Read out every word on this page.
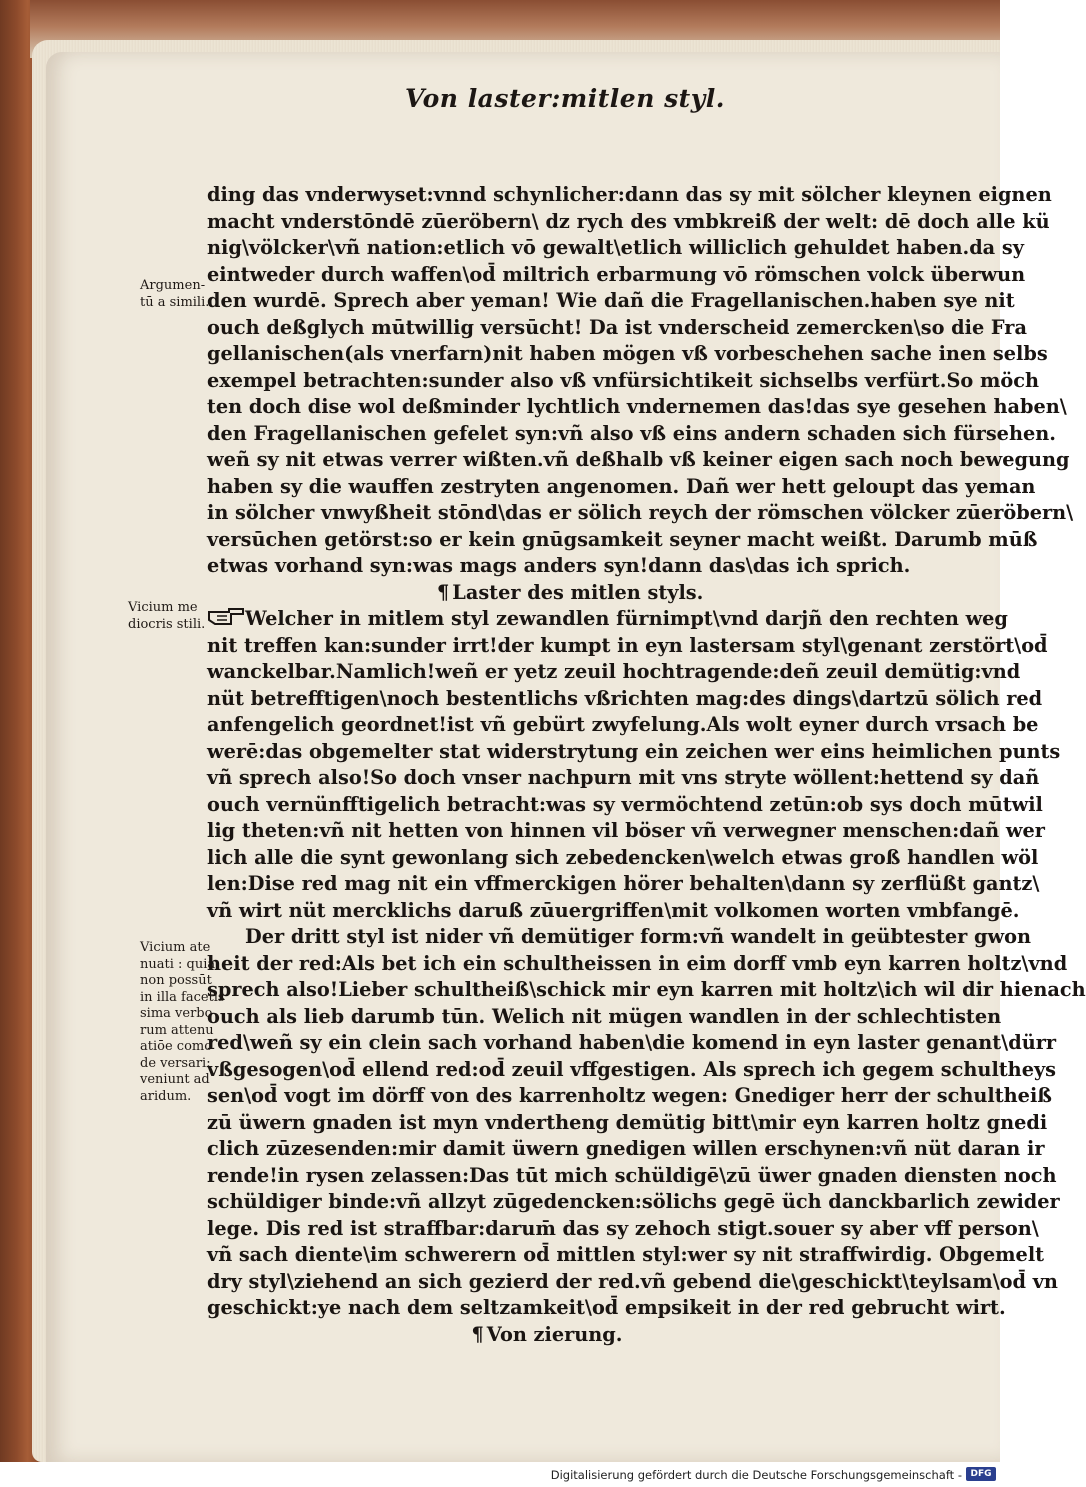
Von laster:mitlen styl.
Argumen-
tū a simili.
Vicium me
diocris stili.
Vicium ate
nuati : quia
non possūt
in illa facetis
sima verbo
rum attenu
atiōe como
de versari:
veniunt ad
aridum.
ding das vnderwyset:vnnd schynlicher:dann das sy mit sölcher kleynen eignen
macht vnderstōndē zūeröbern\ dz rych des vmbkreiß der welt: dē doch alle kü
nig\völcker\vñ nation:etlich vō gewalt\etlich williclich gehuldet haben.da sy
eintweder durch waffen\od̄ miltrich erbarmung vō römschen volck überwun
den wurdē. Sprech aber yeman! Wie dañ die Fragellanischen.haben sye nit
ouch deßglych mūtwillig versūcht! Da ist vnderscheid zemercken\so die Fra
gellanischen(als vnerfarn)nit haben mögen vß vorbeschehen sache inen selbs
exempel betrachten:sunder also vß vnfürsichtikeit sichselbs verfürt.So möch
ten doch dise wol deßminder lychtlich vndernemen das!das sye gesehen haben\
den Fragellanischen gefelet syn:vñ also vß eins andern schaden sich fürsehen.
weñ sy nit etwas verrer wißten.vñ deßhalb vß keiner eigen sach noch bewegung
haben sy die wauffen zestryten angenomen. Dañ wer hett geloupt das yeman
in sölcher vnwyßheit stōnd\das er sölich reych der römschen völcker zūeröbern\
versūchen getörst:so er kein gnūgsamkeit seyner macht weißt. Darumb mūß
etwas vorhand syn:was mags anders syn!dann das\das ich sprich.
¶ Laster des mitlen styls.
Welcher in mitlem styl zewandlen fürnimpt\vnd darjñ den rechten weg
nit treffen kan:sunder irrt!der kumpt in eyn lastersam styl\genant zerstört\od̄
wanckelbar.Namlich!weñ er yetz zeuil hochtragende:deñ zeuil demütig:vnd
nüt betrefftigen\noch bestentlichs vßrichten mag:des dings\dartzū sölich red
anfengelich geordnet!ist vñ gebürt zwyfelung.Als wolt eyner durch vrsach be
werē:das obgemelter stat widerstrytung ein zeichen wer eins heimlichen punts
vñ sprech also!So doch vnser nachpurn mit vns stryte wöllent:hettend sy dañ
ouch vernünfftigelich betracht:was sy vermöchtend zetūn:ob sys doch mūtwil
lig theten:vñ nit hetten von hinnen vil böser vñ verwegner menschen:dañ wer
lich alle die synt gewonlang sich zebedencken\welch etwas groß handlen wöl
len:Dise red mag nit ein vffmerckigen hörer behalten\dann sy zerflüßt gantz\
vñ wirt nüt mercklichs daruß zūuergriffen\mit volkomen worten vmbfangē.
Der dritt styl ist nider vñ demütiger form:vñ wandelt in geübtester gwon
heit der red:Als bet ich ein schultheissen in eim dorff vmb eyn karren holtz\vnd
sprech also!Lieber schultheiß\schick mir eyn karren mit holtz\ich wil dir hienach
ouch als lieb darumb tūn. Welich nit mügen wandlen in der schlechtisten
red\weñ sy ein clein sach vorhand haben\die komend in eyn laster genant\dürr
vßgesogen\od̄ ellend red:od̄ zeuil vffgestigen. Als sprech ich gegem schultheys
sen\od̄ vogt im dörff von des karrenholtz wegen: Gnediger herr der schultheiß
zū üwern gnaden ist myn vndertheng demütig bitt\mir eyn karren holtz gnedi
clich zūzesenden:mir damit üwern gnedigen willen erschynen:vñ nüt daran ir
rende!in rysen zelassen:Das tūt mich schüldigē\zū üwer gnaden diensten noch
schüldiger binde:vñ allzyt zūgedencken:sölichs gegē üch danckbarlich zewider
lege. Dis red ist straffbar:darum̄ das sy zehoch stigt.souer sy aber vff person\
vñ sach diente\im schwerern od̄ mittlen styl:wer sy nit straffwirdig. Obgemelt
dry styl\ziehend an sich gezierd der red.vñ gebend die\geschickt\teylsam\od̄ vn
geschickt:ye nach dem seltzamkeit\od̄ empsikeit in der red gebrucht wirt.
¶ Von zierung.
Digitalisierung gefördert durch die Deutsche Forschungsgemeinschaft - DFG
